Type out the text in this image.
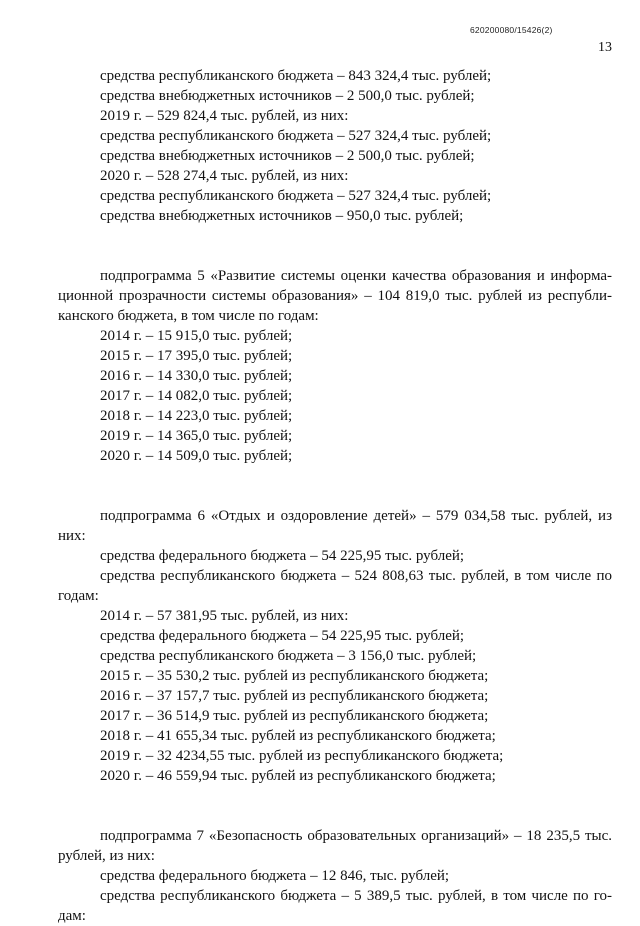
620200080/15426(2)
13
средства республиканского бюджета – 843 324,4 тыс. рублей;
средства внебюджетных источников – 2 500,0 тыс. рублей;
2019 г. – 529 824,4 тыс. рублей, из них:
средства республиканского бюджета – 527 324,4 тыс. рублей;
средства внебюджетных источников – 2 500,0 тыс. рублей;
2020 г. – 528 274,4 тыс. рублей, из них:
средства республиканского бюджета – 527 324,4 тыс. рублей;
средства внебюджетных источников – 950,0 тыс. рублей;
подпрограмма 5 «Развитие системы оценки качества образования и информа-
ционной прозрачности системы образования» – 104 819,0 тыс. рублей из республи-
канского бюджета, в том числе по годам:
2014 г. – 15 915,0 тыс. рублей;
2015 г. – 17 395,0 тыс. рублей;
2016 г. – 14 330,0 тыс. рублей;
2017 г. – 14 082,0 тыс. рублей;
2018 г. – 14 223,0 тыс. рублей;
2019 г. – 14 365,0 тыс. рублей;
2020 г. – 14 509,0 тыс. рублей;
подпрограмма 6 «Отдых и оздоровление детей» – 579 034,58 тыс. рублей, из
них:
средства федерального бюджета – 54 225,95 тыс. рублей;
средства республиканского бюджета – 524 808,63 тыс. рублей, в том числе по
годам:
2014 г. – 57 381,95 тыс. рублей, из них:
средства федерального бюджета – 54 225,95 тыс. рублей;
средства республиканского бюджета – 3 156,0 тыс. рублей;
2015 г. – 35 530,2 тыс. рублей из республиканского бюджета;
2016 г. – 37 157,7 тыс. рублей из республиканского бюджета;
2017 г. – 36 514,9 тыс. рублей из республиканского бюджета;
2018 г. – 41 655,34 тыс. рублей из республиканского бюджета;
2019 г. – 32 4234,55 тыс. рублей из республиканского бюджета;
2020 г. – 46 559,94 тыс. рублей из республиканского бюджета;
подпрограмма 7 «Безопасность образовательных организаций» – 18 235,5 тыс.
рублей, из них:
средства федерального бюджета – 12 846, тыс. рублей;
средства республиканского бюджета – 5 389,5 тыс. рублей, в том числе по го-
дам:
